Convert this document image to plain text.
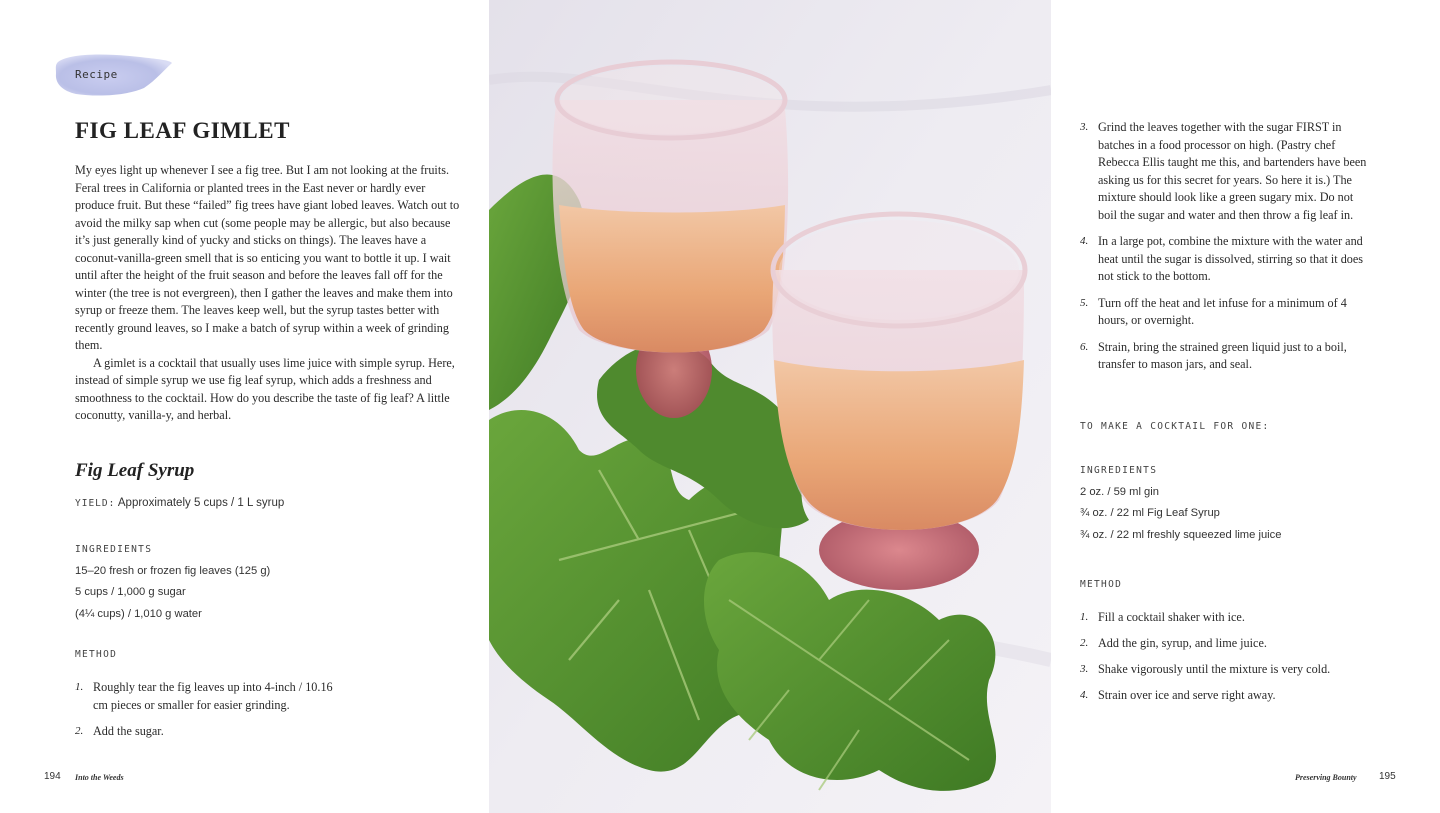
Recipe
FIG LEAF GIMLET

My eyes light up whenever I see a fig tree. But I am not looking at the fruits. Feral trees in California or planted trees in the East never or hardly ever produce fruit. But these “failed” fig trees have giant lobed leaves. Watch out to avoid the milky sap when cut (some people may be allergic, but also because it’s just generally kind of yucky and sticks on things). The leaves have a coconut-vanilla-green smell that is so enticing you want to bottle it up. I wait until after the height of the fruit season and before the leaves fall off for the winter (the tree is not evergreen), then I gather the leaves and make them into syrup or freeze them. The leaves keep well, but the syrup tastes better with recently ground leaves, so I make a batch of syrup within a week of grinding them.

A gimlet is a cocktail that usually uses lime juice with simple syrup. Here, instead of simple syrup we use fig leaf syrup, which adds a freshness and smoothness to the cocktail. How do you describe the taste of fig leaf? A little coconutty, vanilla-y, and herbal.

Fig Leaf Syrup
YIELD: Approximately 5 cups / 1 L syrup
INGREDIENTS
15–20 fresh or frozen fig leaves (125 g)
5 cups / 1,000 g sugar
(4¼ cups) / 1,010 g water
METHOD
1. Roughly tear the fig leaves up into 4-inch / 10.16 cm pieces or smaller for easier grinding.
2. Add the sugar.
194 Into the Weeds
3. Grind the leaves together with the sugar FIRST in batches in a food processor on high. (Pastry chef Rebecca Ellis taught me this, and bartenders have been asking us for this secret for years. So here it is.) The mixture should look like a green sugary mix. Do not boil the sugar and water and then throw a fig leaf in.
4. In a large pot, combine the mixture with the water and heat until the sugar is dissolved, stirring so that it does not stick to the bottom.
5. Turn off the heat and let infuse for a minimum of 4 hours, or overnight.
6. Strain, bring the strained green liquid just to a boil, transfer to mason jars, and seal.
TO MAKE A COCKTAIL FOR ONE:
INGREDIENTS
2 oz. / 59 ml gin
¾ oz. / 22 ml Fig Leaf Syrup
¾ oz. / 22 ml freshly squeezed lime juice
METHOD
1. Fill a cocktail shaker with ice.
2. Add the gin, syrup, and lime juice.
3. Shake vigorously until the mixture is very cold.
4. Strain over ice and serve right away.
Preserving Bounty 195
